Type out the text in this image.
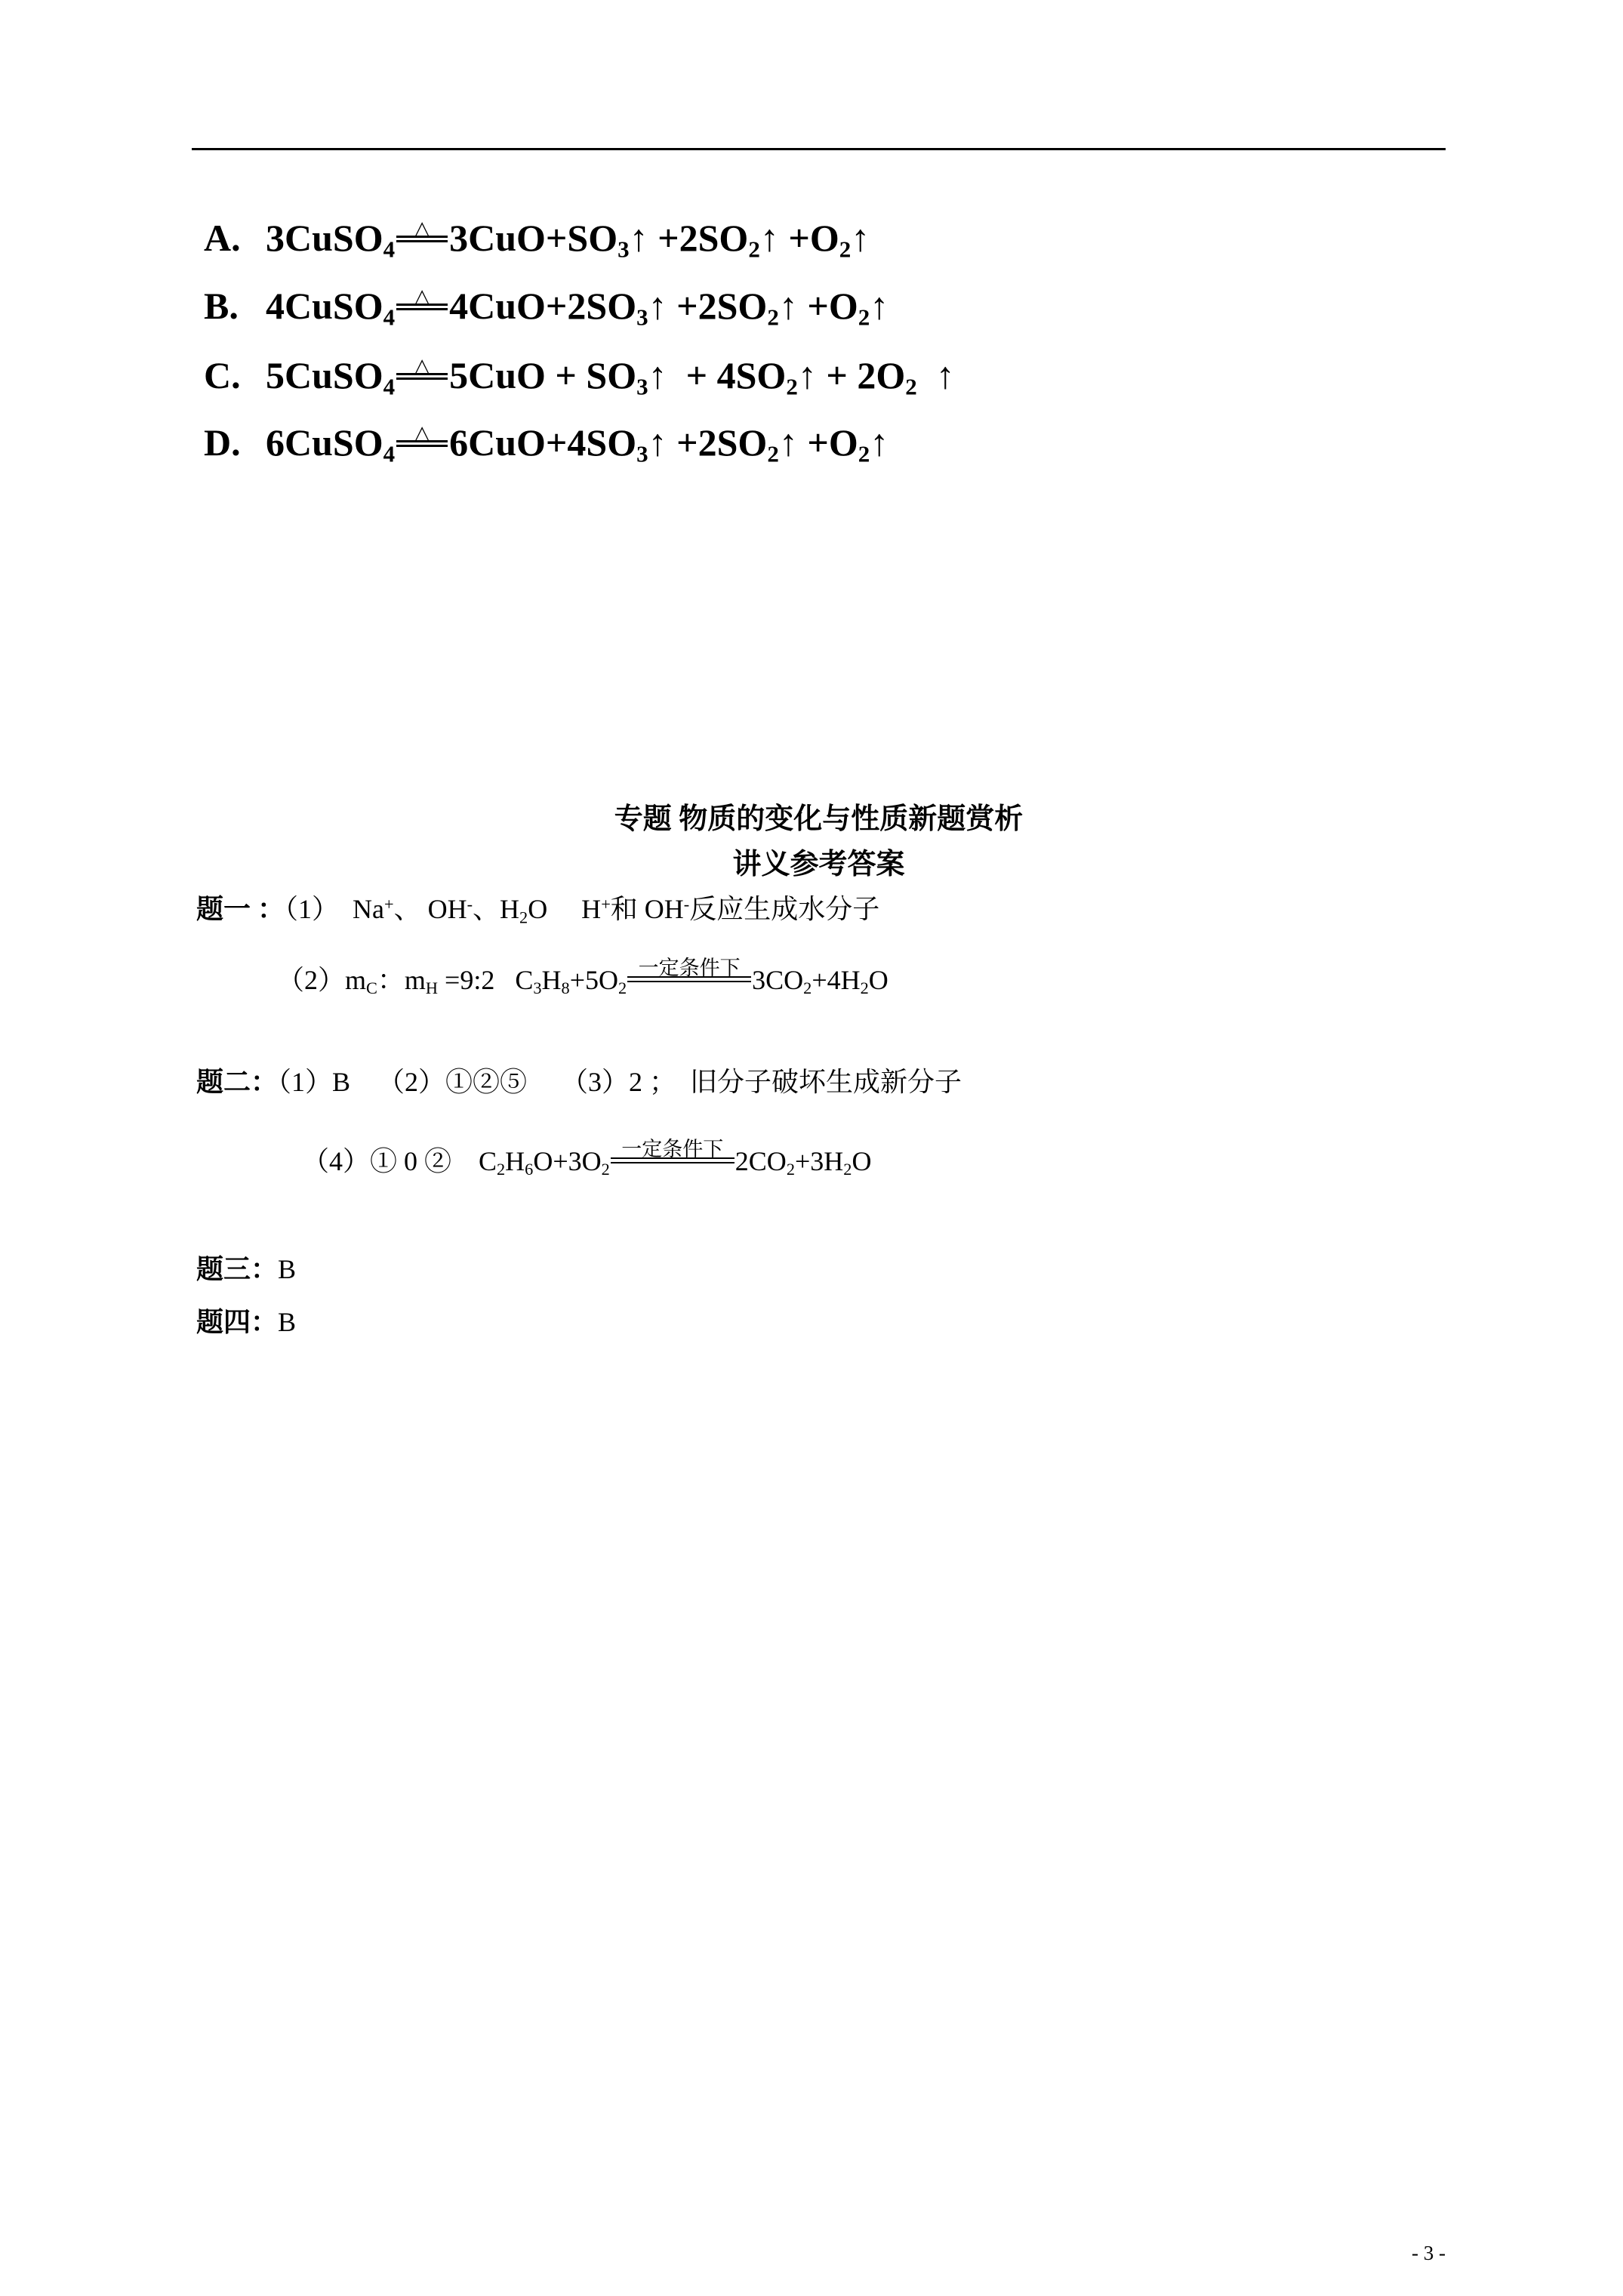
A. 3CuSO4
△ 3CuO+SO3↑ +2SO2↑ +O2↑
B. 4CuSO4
△ 4CuO+2SO3↑ +2SO2↑ +O2↑
C. 5CuSO4
△ 5CuO + SO3↑  + 4SO2↑ + 2O2  ↑
D. 6CuSO4
△ 6CuO+4SO3↑ +2SO2↑ +O2↑
专题 物质的变化与性质新题赏析
讲义参考答案
题一 ：（1）  Na+、 OH-、H2O     H+和 OH-反应生成水分子
（2）mC：mH =9:2   C3H8+5O2
一定条件下 3CO2+4H2O
题二：（1）B    （2）①②⑤     （3）2 ；  旧分子破坏生成新分子
（4）① 0 ②    C2H6O+3O2
一定条件下 2CO2+3H2O
题三：B
题四：B
- 3 -
